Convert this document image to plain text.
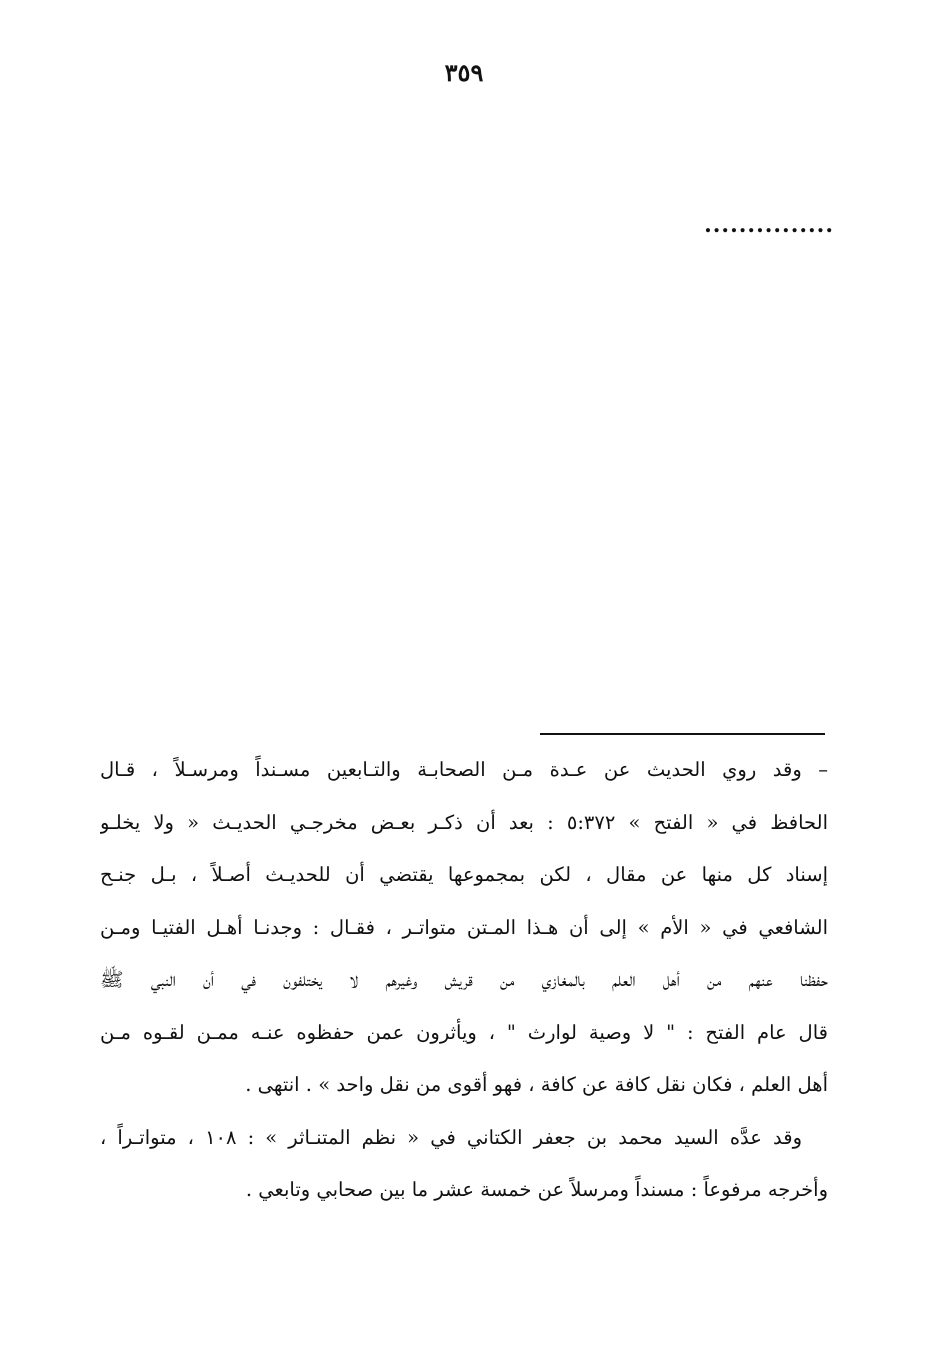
٣٥٩
...............
– وقد روي الحديث عن عـدة مـن الصحابـة والتـابعين مسـنداً ومرسـلاً ، قـال
الحافظ في « الفتح » ٥:٣٧٢ : بعد أن ذكـر بعـض مخرجـي الحديـث « ولا يخلـو
إسناد كل منها عن مقال ، لكن بمجموعها يقتضي أن للحديـث أصـلاً ، بـل جنـح
الشافعي في « الأم » إلى أن هـذا المـتن متواتـر ، فقـال : وجدنـا أهـل الفتيـا ومـن
حفظنا عنهم من أهل العلم بالمغازي من قريش وغيرهم لا يختلفون في أن النبي ﷺ
قال عام الفتح : " لا وصية لوارث " ، ويأثرون عمن حفظوه عنـه ممـن لقـوه مـن
أهل العلم ، فكان نقل كافة عن كافة ، فهو أقوى من نقل واحد » . انتهى .
وقد عدَّه السيد محمد بن جعفر الكتاني في « نظم المتنـاثر » : ١٠٨ ، متواتـراً ،
وأخرجه مرفوعاً : مسنداً ومرسلاً عن خمسة عشر ما بين صحابي وتابعي .
